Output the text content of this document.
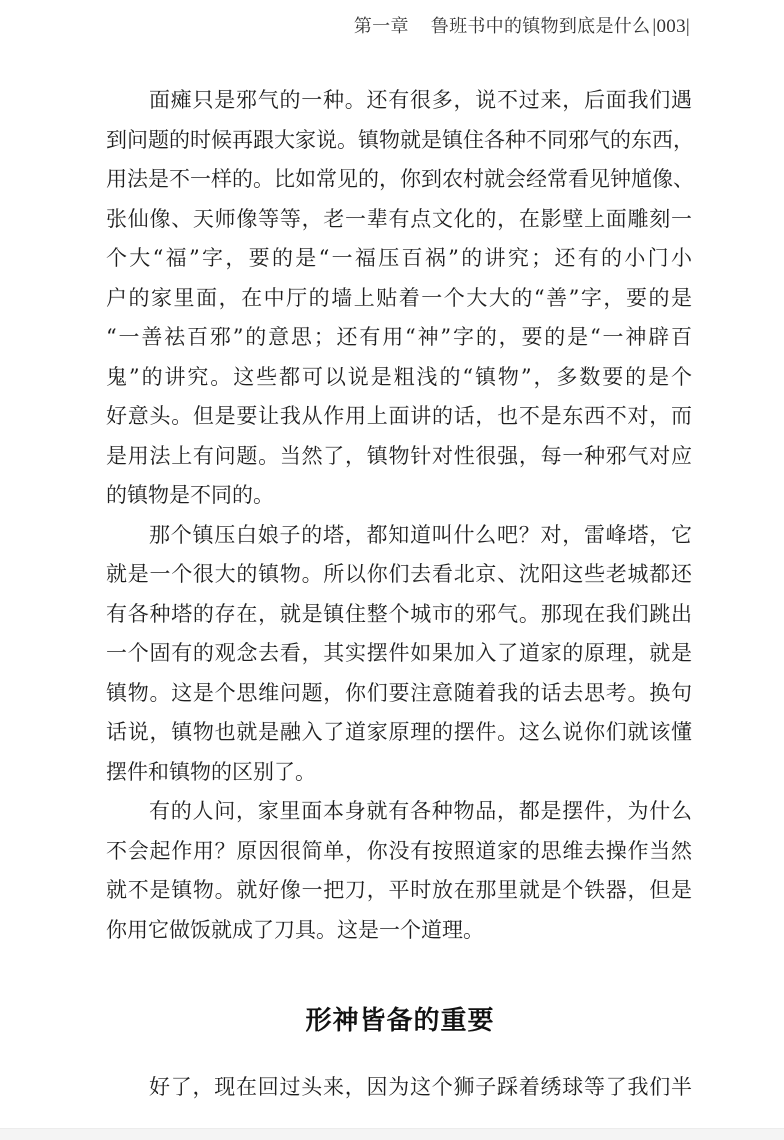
第一章 鲁班书中的镇物到底是什么 |003|
面瘫只是邪气的一种。还有很多，说不过来，后面我们遇
到问题的时候再跟大家说。镇物就是镇住各种不同邪气的东西，
用法是不一样的。比如常见的，你到农村就会经常看见钟馗像、
张仙像、天师像等等，老一辈有点文化的，在影壁上面雕刻一
个大“福”字，要的是“一福压百祸”的讲究；还有的小门小
户的家里面，在中厅的墙上贴着一个大大的“善”字，要的是
“一善祛百邪”的意思；还有用“神”字的，要的是“一神辟百
鬼”的讲究。这些都可以说是粗浅的“镇物”，多数要的是个
好意头。但是要让我从作用上面讲的话，也不是东西不对，而
是用法上有问题。当然了，镇物针对性很强，每一种邪气对应
的镇物是不同的。
那个镇压白娘子的塔，都知道叫什么吧？对，雷峰塔，它
就是一个很大的镇物。所以你们去看北京、沈阳这些老城都还
有各种塔的存在，就是镇住整个城市的邪气。那现在我们跳出
一个固有的观念去看，其实摆件如果加入了道家的原理，就是
镇物。这是个思维问题，你们要注意随着我的话去思考。换句
话说，镇物也就是融入了道家原理的摆件。这么说你们就该懂
摆件和镇物的区别了。
有的人问，家里面本身就有各种物品，都是摆件，为什么
不会起作用？原因很简单，你没有按照道家的思维去操作当然
就不是镇物。就好像一把刀，平时放在那里就是个铁器，但是
你用它做饭就成了刀具。这是一个道理。
形神皆备的重要
好了，现在回过头来，因为这个狮子踩着绣球等了我们半
